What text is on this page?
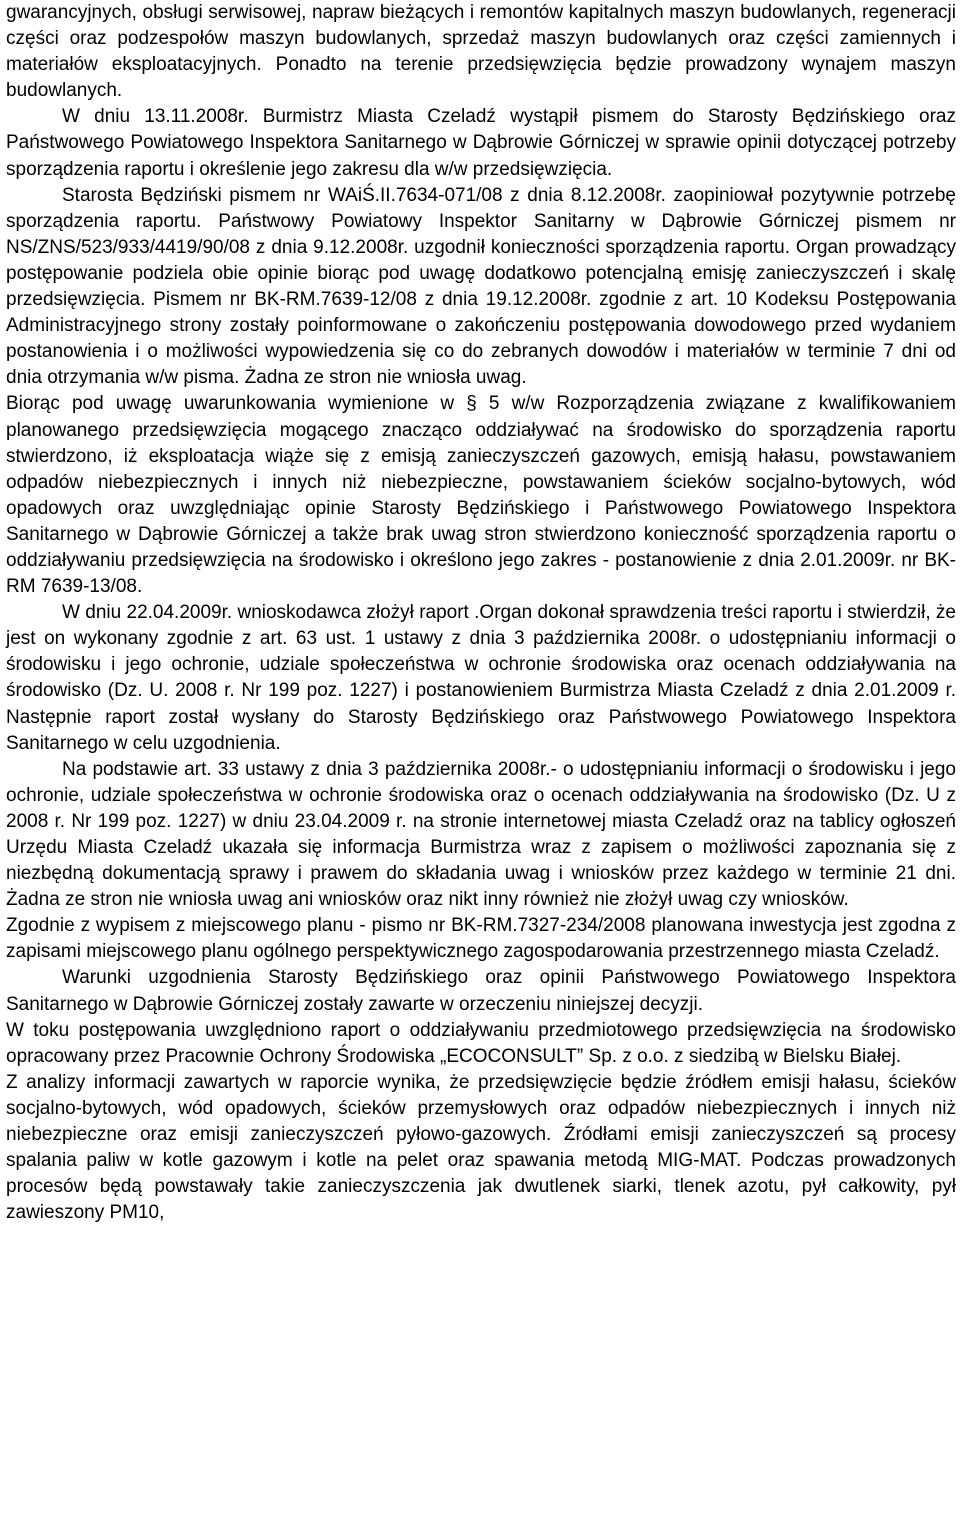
gwarancyjnych, obsługi serwisowej, napraw bieżących i remontów kapitalnych maszyn budowlanych, regeneracji części oraz podzespołów maszyn budowlanych, sprzedaż maszyn budowlanych oraz części zamiennych i materiałów eksploatacyjnych. Ponadto na terenie przedsięwzięcia będzie prowadzony wynajem maszyn budowlanych.

W dniu 13.11.2008r. Burmistrz Miasta Czeladź wystąpił pismem do Starosty Będzińskiego oraz Państwowego Powiatowego Inspektora Sanitarnego w Dąbrowie Górniczej w sprawie opinii dotyczącej potrzeby sporządzenia raportu i określenie jego zakresu dla w/w przedsięwzięcia.

Starosta Będziński pismem nr WAiŚ.II.7634-071/08 z dnia 8.12.2008r. zaopiniował pozytywnie potrzebę sporządzenia raportu. Państwowy Powiatowy Inspektor Sanitarny w Dąbrowie Górniczej pismem nr NS/ZNS/523/933/4419/90/08 z dnia 9.12.2008r. uzgodnił konieczności sporządzenia raportu. Organ prowadzący postępowanie podziela obie opinie biorąc pod uwagę dodatkowo potencjalną emisję zanieczyszczeń i skalę przedsięwzięcia. Pismem nr BK-RM.7639-12/08 z dnia 19.12.2008r. zgodnie z art. 10 Kodeksu Postępowania Administracyjnego strony zostały poinformowane o zakończeniu postępowania dowodowego przed wydaniem postanowienia i o możliwości wypowiedzenia się co do zebranych dowodów i materiałów w terminie 7 dni od dnia otrzymania w/w pisma. Żadna ze stron nie wniosła uwag.

Biorąc pod uwagę uwarunkowania wymienione w § 5 w/w Rozporządzenia związane z kwalifikowaniem planowanego przedsięwzięcia mogącego znacząco oddziaływać na środowisko do sporządzenia raportu stwierdzono, iż eksploatacja wiąże się z emisją zanieczyszczeń gazowych, emisją hałasu, powstawaniem odpadów niebezpiecznych i innych niż niebezpieczne, powstawaniem ścieków socjalno-bytowych, wód opadowych oraz uwzględniając opinie Starosty Będzińskiego i Państwowego Powiatowego Inspektora Sanitarnego w Dąbrowie Górniczej a także brak uwag stron stwierdzono konieczność sporządzenia raportu o oddziaływaniu przedsięwzięcia na środowisko i określono jego zakres - postanowienie z dnia 2.01.2009r. nr BK-RM 7639-13/08.

W dniu 22.04.2009r. wnioskodawca złożył raport .Organ dokonał sprawdzenia treści raportu i stwierdził, że jest on wykonany zgodnie z art. 63 ust. 1 ustawy z dnia 3 października 2008r. o udostępnianiu informacji o środowisku i jego ochronie, udziale społeczeństwa w ochronie środowiska oraz ocenach oddziaływania na środowisko (Dz. U. 2008 r. Nr 199 poz. 1227) i postanowieniem Burmistrza Miasta Czeladź z dnia 2.01.2009 r. Następnie raport został wysłany do Starosty Będzińskiego oraz Państwowego Powiatowego Inspektora Sanitarnego w celu uzgodnienia.

Na podstawie art. 33 ustawy z dnia 3 października 2008r.- o udostępnianiu informacji o środowisku i jego ochronie, udziale społeczeństwa w ochronie środowiska oraz o ocenach oddziaływania na środowisko (Dz. U z 2008 r. Nr 199 poz. 1227) w dniu 23.04.2009 r. na stronie internetowej miasta Czeladź oraz na tablicy ogłoszeń Urzędu Miasta Czeladź ukazała się informacja Burmistrza wraz z zapisem o możliwości zapoznania się z niezbędną dokumentacją sprawy i prawem do składania uwag i wniosków przez każdego w terminie 21 dni. Żadna ze stron nie wniosła uwag ani wniosków oraz nikt inny również nie złożył uwag czy wniosków.

Zgodnie z wypisem z miejscowego planu - pismo nr BK-RM.7327-234/2008 planowana inwestycja jest zgodna z zapisami miejscowego planu ogólnego perspektywicznego zagospodarowania przestrzennego miasta Czeladź.

Warunki uzgodnienia Starosty Będzińskiego oraz opinii Państwowego Powiatowego Inspektora Sanitarnego w Dąbrowie Górniczej zostały zawarte w orzeczeniu niniejszej decyzji.

W toku postępowania uwzględniono raport o oddziaływaniu przedmiotowego przedsięwzięcia na środowisko opracowany przez Pracownie Ochrony Środowiska „ECOCONSULT” Sp. z o.o. z siedzibą w Bielsku Białej.

Z analizy informacji zawartych w raporcie wynika, że przedsięwzięcie będzie źródłem emisji hałasu, ścieków socjalno-bytowych, wód opadowych, ścieków przemysłowych oraz odpadów niebezpiecznych i innych niż niebezpieczne oraz emisji zanieczyszczeń pyłowo-gazowych. Źródłami emisji zanieczyszczeń są procesy spalania paliw w kotle gazowym i kotle na pelet oraz spawania metodą MIG-MAT. Podczas prowadzonych procesów będą powstawały takie zanieczyszczenia jak dwutlenek siarki, tlenek azotu, pył całkowity, pył zawieszony PM10,
